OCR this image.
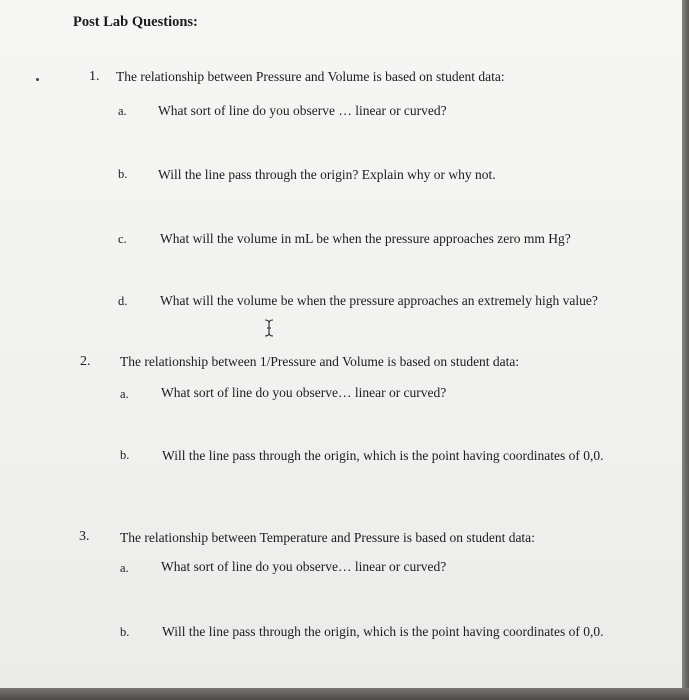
Post Lab Questions:
1. The relationship between Pressure and Volume is based on student data:
a. What sort of line do you observe … linear or curved?
b. Will the line pass through the origin? Explain why or why not.
c. What will the volume in mL be when the pressure approaches zero mm Hg?
d. What will the volume be when the pressure approaches an extremely high value?
2. The relationship between 1/Pressure and Volume is based on student data:
a. What sort of line do you observe… linear or curved?
b. Will the line pass through the origin, which is the point having coordinates of 0,0.
3. The relationship between Temperature and Pressure is based on student data:
a. What sort of line do you observe… linear or curved?
b. Will the line pass through the origin, which is the point having coordinates of 0,0.
